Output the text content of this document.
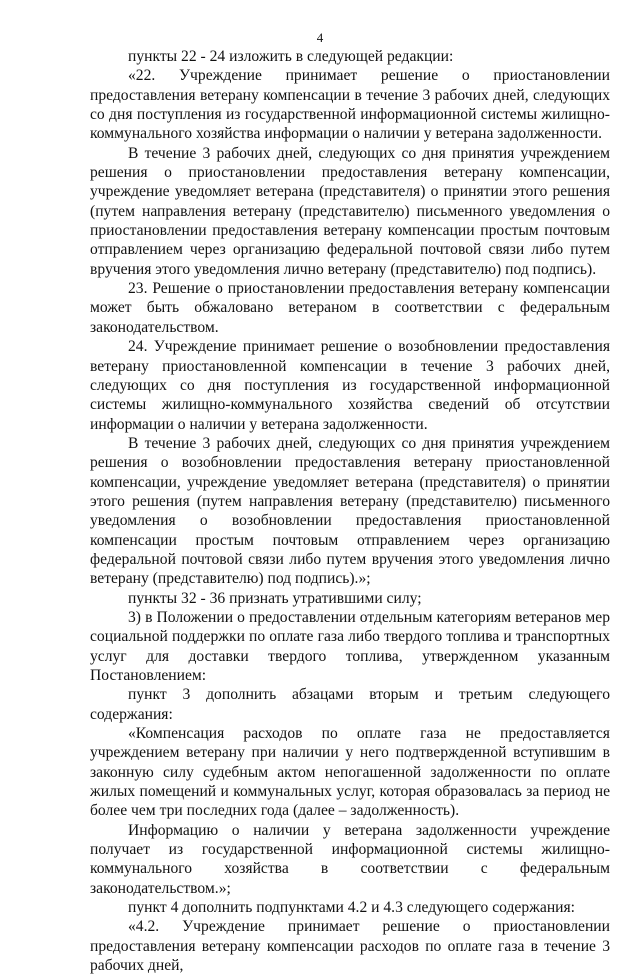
4

пункты 22 - 24 изложить в следующей редакции:

«22. Учреждение принимает решение о приостановлении предоставления ветерану компенсации в течение 3 рабочих дней, следующих со дня поступления из государственной информационной системы жилищно-коммунального хозяйства информации о наличии у ветерана задолженности.

В течение 3 рабочих дней, следующих со дня принятия учреждением решения о приостановлении предоставления ветерану компенсации, учреждение уведомляет ветерана (представителя) о принятии этого решения (путем направления ветерану (представителю) письменного уведомления о приостановлении предоставления ветерану компенсации простым почтовым отправлением через организацию федеральной почтовой связи либо путем вручения этого уведомления лично ветерану (представителю) под подпись).

23. Решение о приостановлении предоставления ветерану компенсации может быть обжаловано ветераном в соответствии с федеральным законодательством.

24. Учреждение принимает решение о возобновлении предоставления ветерану приостановленной компенсации в течение 3 рабочих дней, следующих со дня поступления из государственной информационной системы жилищно-коммунального хозяйства сведений об отсутствии информации о наличии у ветерана задолженности.

В течение 3 рабочих дней, следующих со дня принятия учреждением решения о возобновлении предоставления ветерану приостановленной компенсации, учреждение уведомляет ветерана (представителя) о принятии этого решения (путем направления ветерану (представителю) письменного уведомления о возобновлении предоставления приостановленной компенсации простым почтовым отправлением через организацию федеральной почтовой связи либо путем вручения этого уведомления лично ветерану (представителю) под подпись).»;

пункты 32 - 36 признать утратившими силу;

3) в Положении о предоставлении отдельным категориям ветеранов мер социальной поддержки по оплате газа либо твердого топлива и транспортных услуг для доставки твердого топлива, утвержденном указанным Постановлением:

пункт 3 дополнить абзацами вторым и третьим следующего содержания:

«Компенсация расходов по оплате газа не предоставляется учреждением ветерану при наличии у него подтвержденной вступившим в законную силу судебным актом непогашенной задолженности по оплате жилых помещений и коммунальных услуг, которая образовалась за период не более чем три последних года (далее – задолженность).

Информацию о наличии у ветерана задолженности учреждение получает из государственной информационной системы жилищно-коммунального хозяйства в соответствии с федеральным законодательством.»;

пункт 4 дополнить подпунктами 4.2 и 4.3 следующего содержания:

«4.2. Учреждение принимает решение о приостановлении предоставления ветерану компенсации расходов по оплате газа в течение 3 рабочих дней,
